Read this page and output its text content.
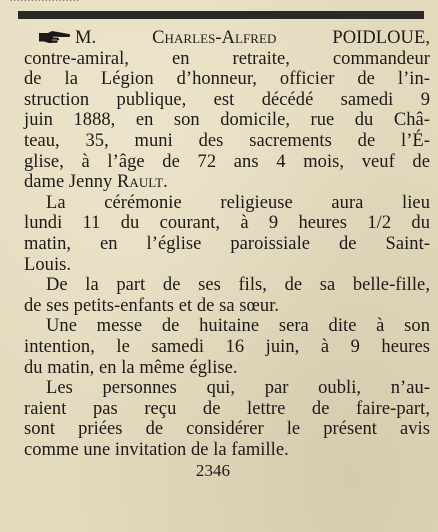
M. Charles-Alfred POIDLOUE,
contre-amiral, en retraite, commandeur
de la Légion d’honneur, officier de l’in-
struction publique, est décédé samedi 9
juin 1888, en son domicile, rue du Châ-
teau, 35, muni des sacrements de l’É-
glise, à l’âge de 72 ans 4 mois, veuf de
dame Jenny Rault.
La cérémonie religieuse aura lieu
lundi 11 du courant, à 9 heures 1/2 du
matin, en l’église paroissiale de Saint-
Louis.
De la part de ses fils, de sa belle-fille,
de ses petits-enfants et de sa sœur.
Une messe de huitaine sera dite à son
intention, le samedi 16 juin, à 9 heures
du matin, en la même église.
Les personnes qui, par oubli, n’au-
raient pas reçu de lettre de faire-part,
sont priées de considérer le présent avis
comme une invitation de la famille.
2346
